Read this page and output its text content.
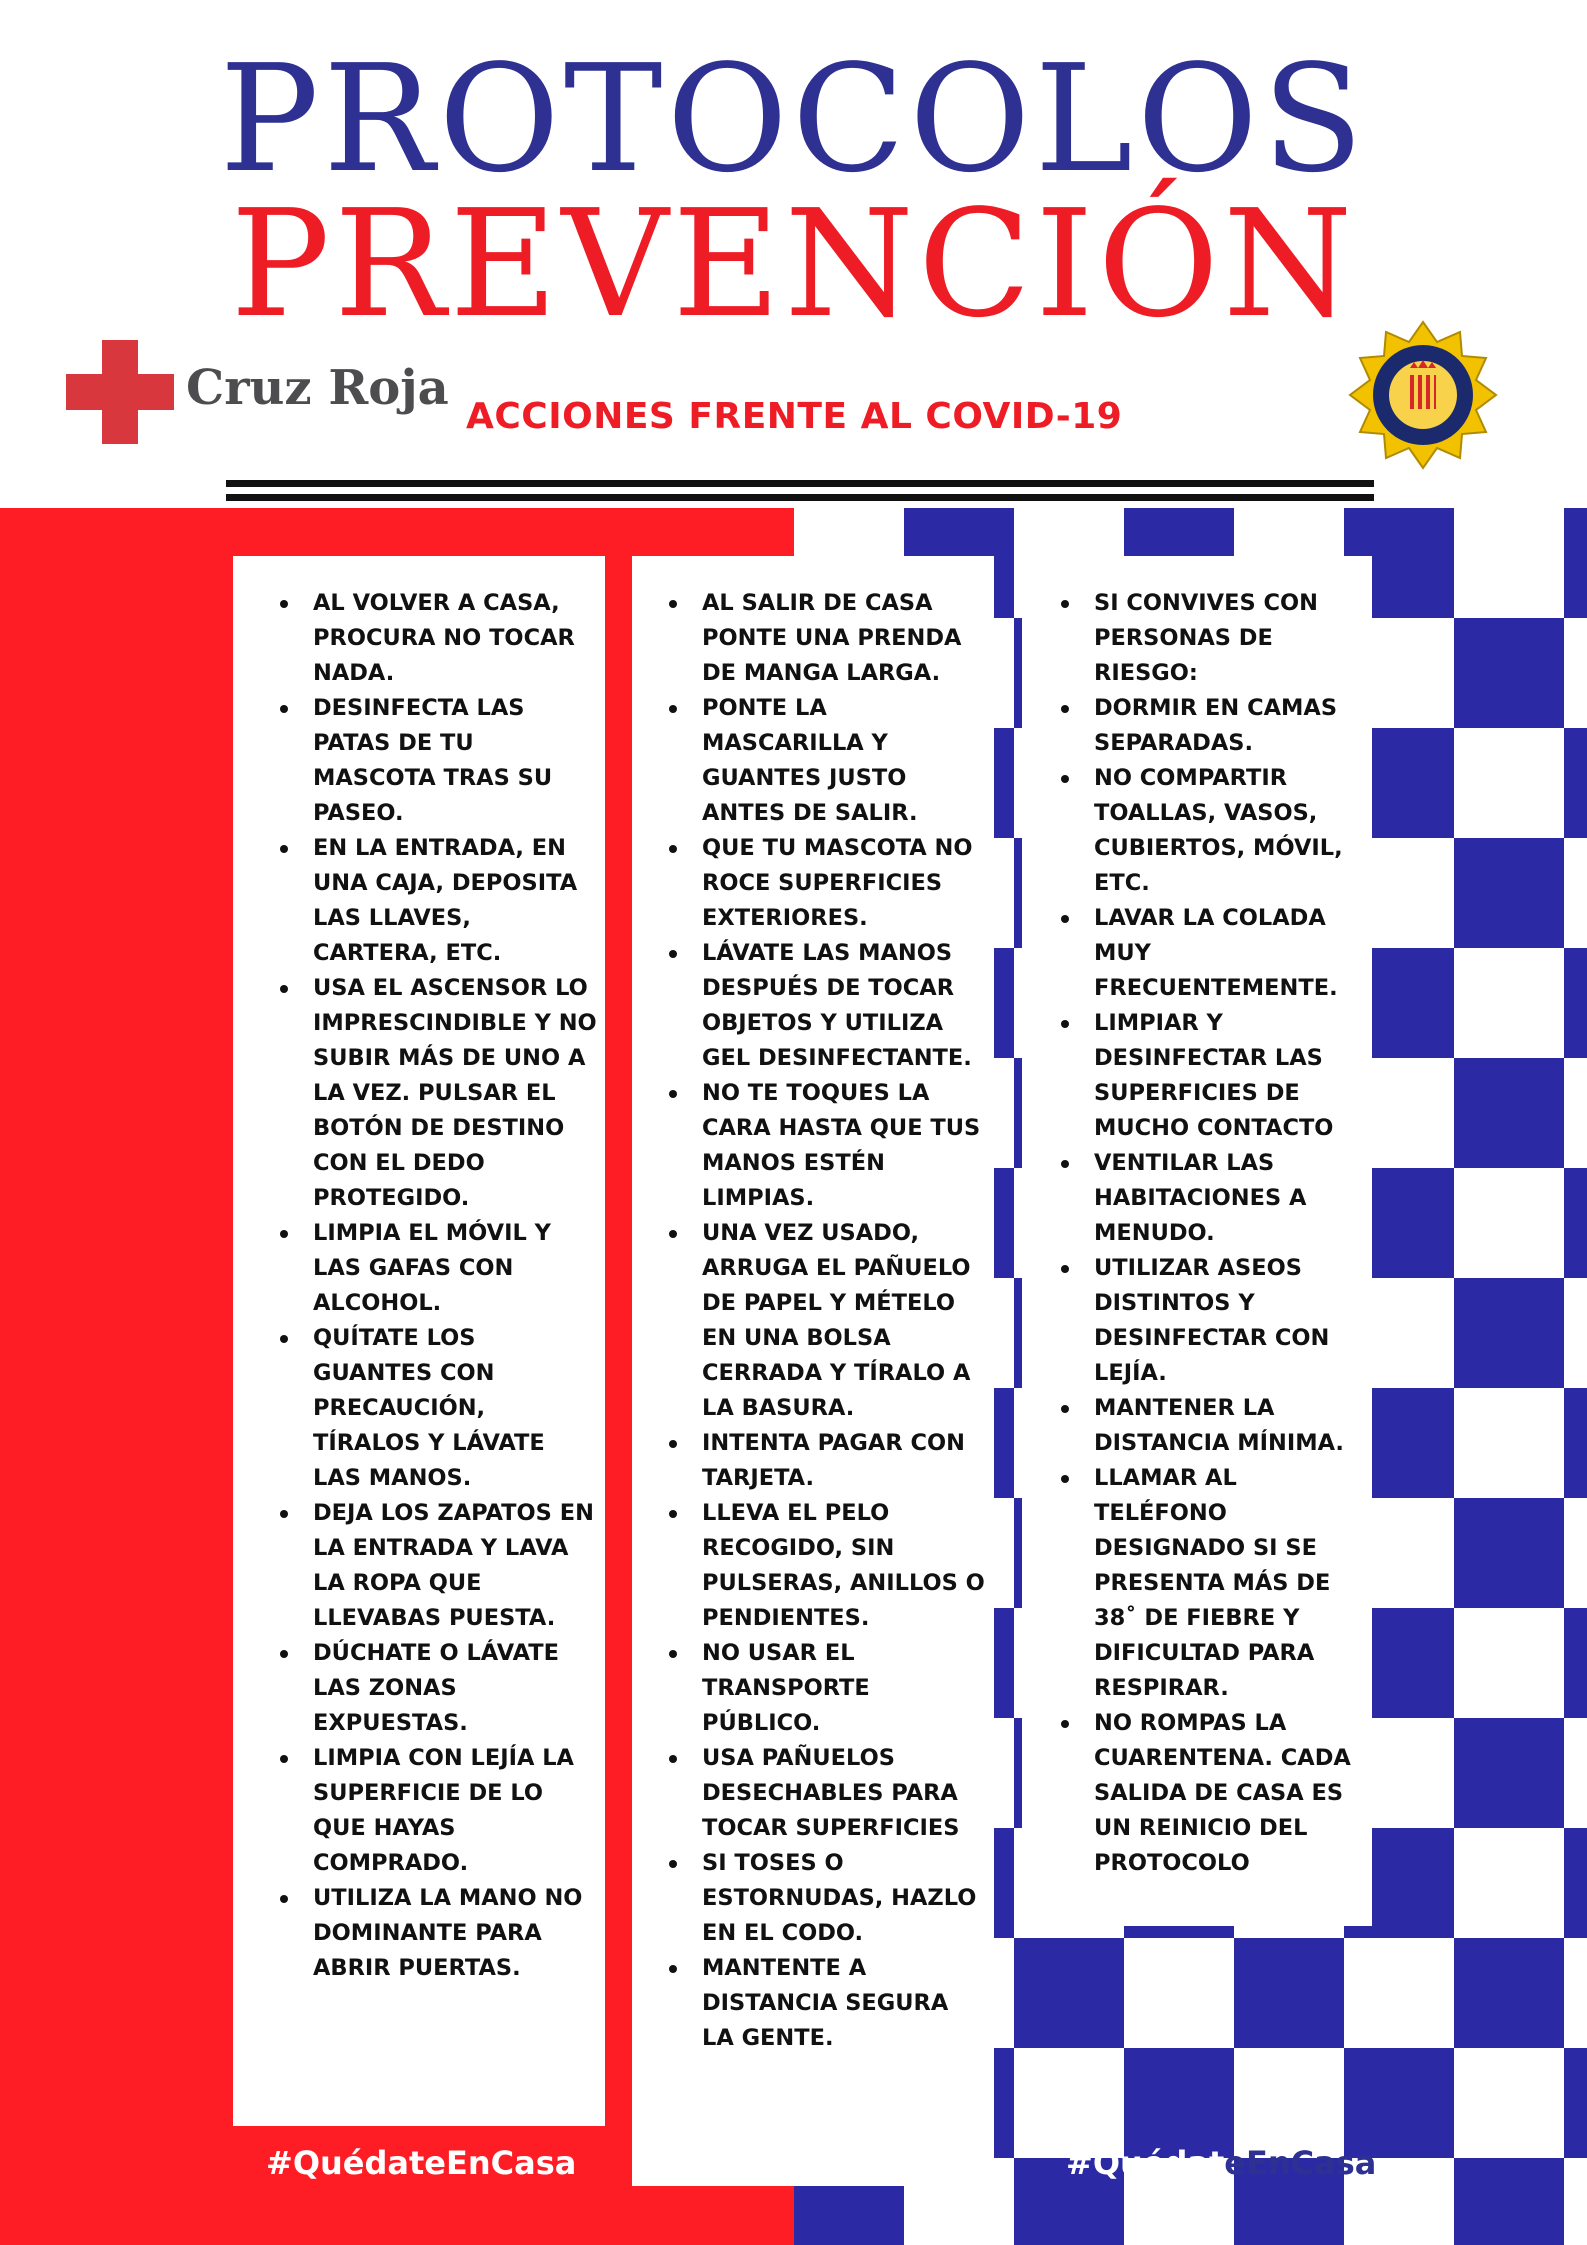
PROTOCOLOS
PREVENCIÓN
Cruz Roja
ACCIONES FRENTE AL COVID-19
AL VOLVER A CASA, PROCURA NO TOCAR NADA.
DESINFECTA LAS PATAS DE TU MASCOTA TRAS SU PASEO.
EN LA ENTRADA, EN UNA CAJA, DEPOSITA LAS LLAVES, CARTERA, ETC.
USA EL ASCENSOR LO IMPRESCINDIBLE Y NO SUBIR MÁS DE UNO A LA VEZ. PULSAR EL BOTÓN DE DESTINO CON EL DEDO PROTEGIDO.
LIMPIA EL MÓVIL Y LAS GAFAS CON ALCOHOL.
QUÍTATE LOS GUANTES CON PRECAUCIÓN, TÍRALOS Y LÁVATE LAS MANOS.
DEJA LOS ZAPATOS EN LA ENTRADA Y LAVA LA ROPA QUE LLEVABAS PUESTA.
DÚCHATE O LÁVATE LAS ZONAS EXPUESTAS.
LIMPIA CON LEJÍA LA SUPERFICIE DE LO QUE HAYAS COMPRADO.
UTILIZA LA MANO NO DOMINANTE PARA ABRIR PUERTAS.
AL SALIR DE CASA PONTE UNA PRENDA DE MANGA LARGA.
PONTE LA MASCARILLA Y GUANTES JUSTO ANTES DE SALIR.
QUE TU MASCOTA NO ROCE SUPERFICIES EXTERIORES.
LÁVATE LAS MANOS DESPUÉS DE TOCAR OBJETOS Y UTILIZA GEL DESINFECTANTE.
NO TE TOQUES LA CARA HASTA QUE TUS MANOS ESTÉN LIMPIAS.
UNA VEZ USADO, ARRUGA EL PAÑUELO DE PAPEL Y MÉTELO EN UNA BOLSA CERRADA Y TÍRALO A LA BASURA.
INTENTA PAGAR CON TARJETA.
LLEVA EL PELO RECOGIDO, SIN PULSERAS, ANILLOS O PENDIENTES.
NO USAR EL TRANSPORTE PÚBLICO.
USA PAÑUELOS DESECHABLES PARA TOCAR SUPERFICIES
SI TOSES O ESTORNUDAS, HAZLO EN EL CODO.
MANTENTE A DISTANCIA SEGURA LA GENTE.
SI CONVIVES CON PERSONAS DE RIESGO:
DORMIR EN CAMAS SEPARADAS.
NO COMPARTIR TOALLAS, VASOS, CUBIERTOS, MÓVIL, ETC.
LAVAR LA COLADA MUY FRECUENTEMENTE.
LIMPIAR Y DESINFECTAR LAS SUPERFICIES DE MUCHO CONTACTO
VENTILAR LAS HABITACIONES A MENUDO.
UTILIZAR ASEOS DISTINTOS Y DESINFECTAR CON LEJÍA.
MANTENER LA DISTANCIA MÍNIMA.
LLAMAR AL TELÉFONO DESIGNADO SI SE PRESENTA MÁS DE 38˚ DE FIEBRE Y DIFICULTAD PARA RESPIRAR.
NO ROMPAS LA CUARENTENA. CADA SALIDA DE CASA ES UN REINICIO DEL PROTOCOLO
#QuédateEnCasa	#QuédateEnCasa
